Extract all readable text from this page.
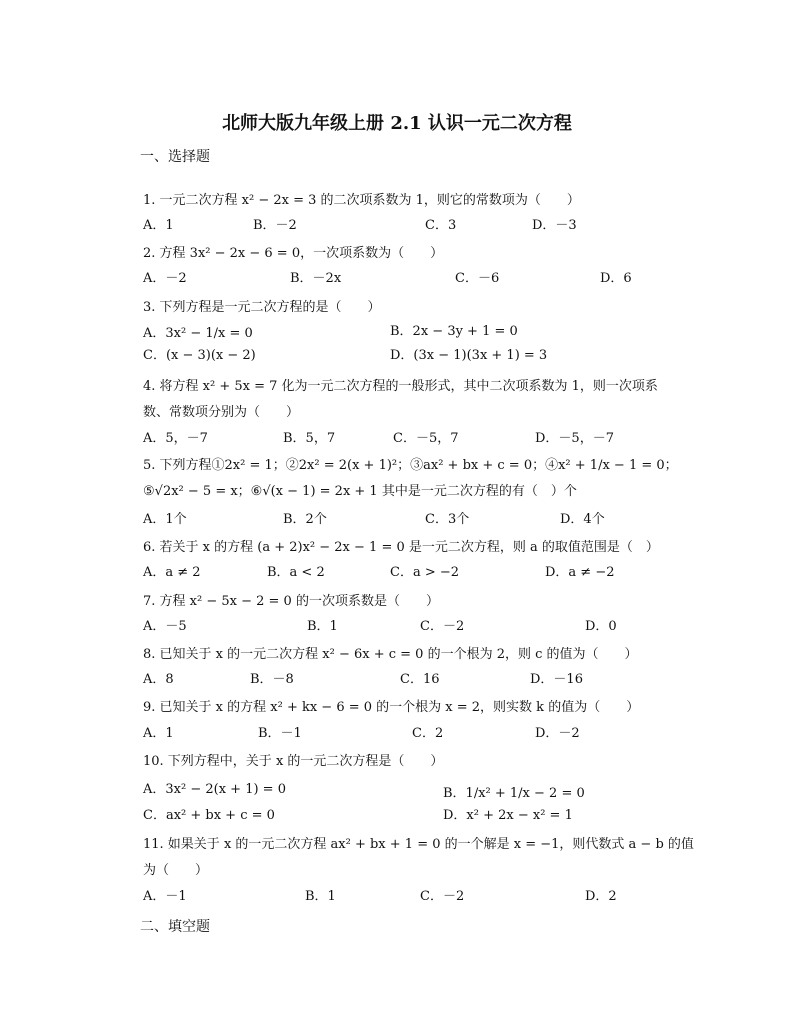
北师大版九年级上册 2.1 认识一元二次方程
一、选择题
1. 一元二次方程 x² − 2x = 3 的二次项系数为 1，则它的常数项为（　　）
A．1	B．－2	C．3	D．－3
2. 方程 3x² − 2x − 6 = 0，一次项系数为（　　）
A．－2	B．－2x	C．－6	D．6
3. 下列方程是一元二次方程的是（　　）
A．3x² − 1/x = 0	B．2x − 3y + 1 = 0
C．(x − 3)(x − 2)	D．(3x − 1)(3x + 1) = 3
4. 将方程 x² + 5x = 7 化为一元二次方程的一般形式，其中二次项系数为 1，则一次项系
数、常数项分别为（　　）
A．5，－7	B．5，7	C．－5，7	D．－5，－7
5. 下列方程①2x² = 1；②2x² = 2(x + 1)²；③ax² + bx + c = 0；④x² + 1/x − 1 = 0；
⑤√2x² − 5 = x；⑥√(x − 1) = 2x + 1 其中是一元二次方程的有（　）个
A．1个	B．2个	C．3个	D．4个
6. 若关于 x 的方程 (a + 2)x² − 2x − 1 = 0 是一元二次方程，则 a 的取值范围是（　）
A．a ≠ 2	B．a < 2	C．a > −2	D．a ≠ −2
7. 方程 x² − 5x − 2 = 0 的一次项系数是（　　）
A．－5	B．1	C．－2	D．0
8. 已知关于 x 的一元二次方程 x² − 6x + c = 0 的一个根为 2，则 c 的值为（　　）
A．8	B．－8	C．16	D．－16
9. 已知关于 x 的方程 x² + kx − 6 = 0 的一个根为 x = 2，则实数 k 的值为（　　）
A．1	B．－1	C．2	D．－2
10. 下列方程中，关于 x 的一元二次方程是（　　）
A．3x² − 2(x + 1) = 0	B．1/x² + 1/x − 2 = 0
C．ax² + bx + c = 0	D．x² + 2x − x² = 1
11. 如果关于 x 的一元二次方程 ax² + bx + 1 = 0 的一个解是 x = −1，则代数式 a − b 的值
为（　　）
A．－1	B．1	C．－2	D．2
二、填空题
